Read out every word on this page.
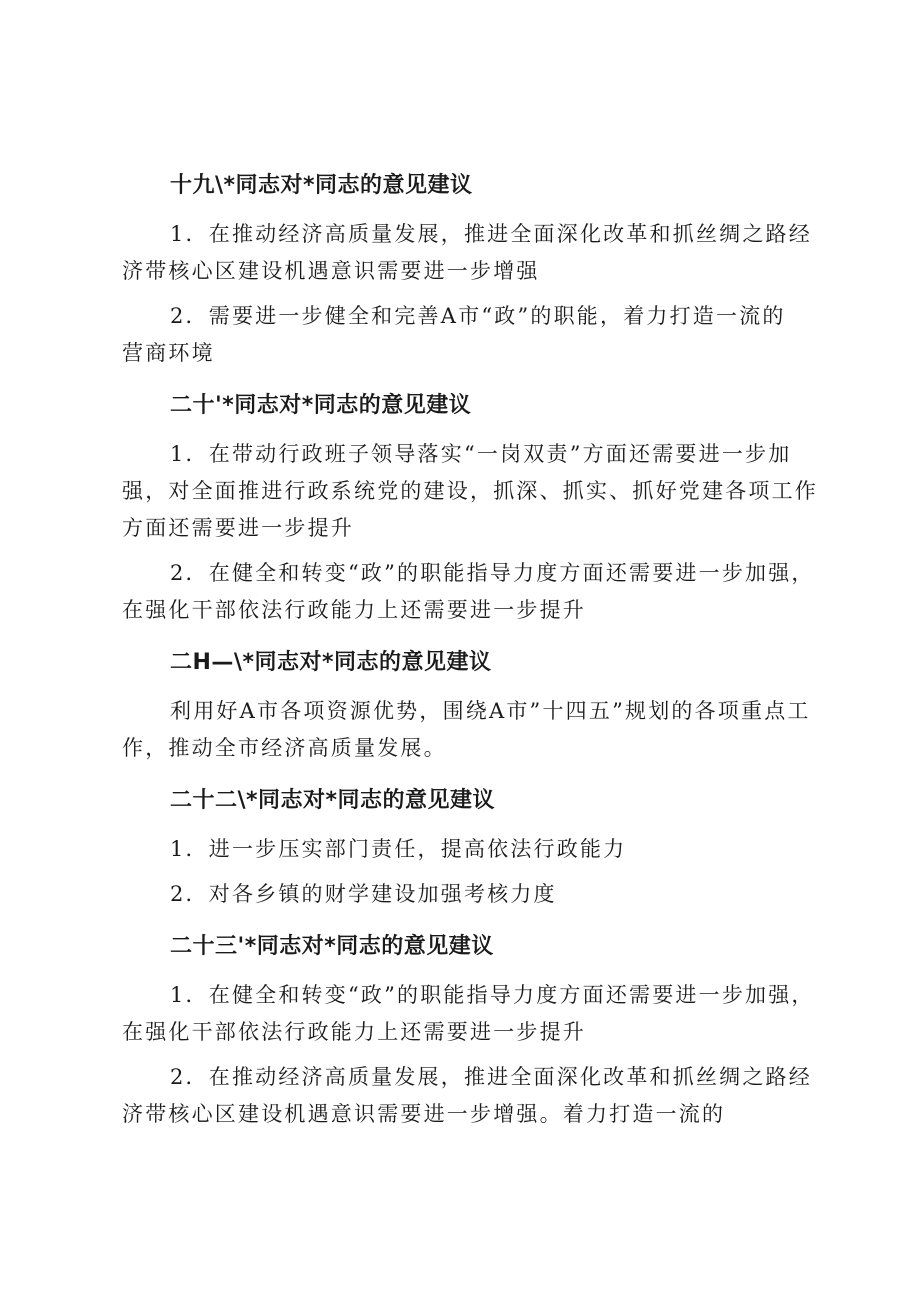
十九\*同志对*同志的意见建议
1．在推动经济高质量发展，推进全面深化改革和抓丝绸之路经
济带核心区建设机遇意识需要进一步增强
2．需要进一步健全和完善A市“政”的职能，着力打造一流的
营商环境
二十'*同志对*同志的意见建议
1．在带动行政班子领导落实“一岗双责”方面还需要进一步加
强，对全面推进行政系统党的建设，抓深、抓实、抓好党建各项工作
方面还需要进一步提升
2．在健全和转变“政”的职能指导力度方面还需要进一步加强，
在强化干部依法行政能力上还需要进一步提升
二H—\*同志对*同志的意见建议
利用好A市各项资源优势，围绕A市”十四五”规划的各项重点工
作，推动全市经济高质量发展。
二十二\*同志对*同志的意见建议
1．进一步压实部门责任，提高依法行政能力
2．对各乡镇的财学建设加强考核力度
二十三'*同志对*同志的意见建议
1．在健全和转变“政”的职能指导力度方面还需要进一步加强，
在强化干部依法行政能力上还需要进一步提升
2．在推动经济高质量发展，推进全面深化改革和抓丝绸之路经
济带核心区建设机遇意识需要进一步增强。着力打造一流的
